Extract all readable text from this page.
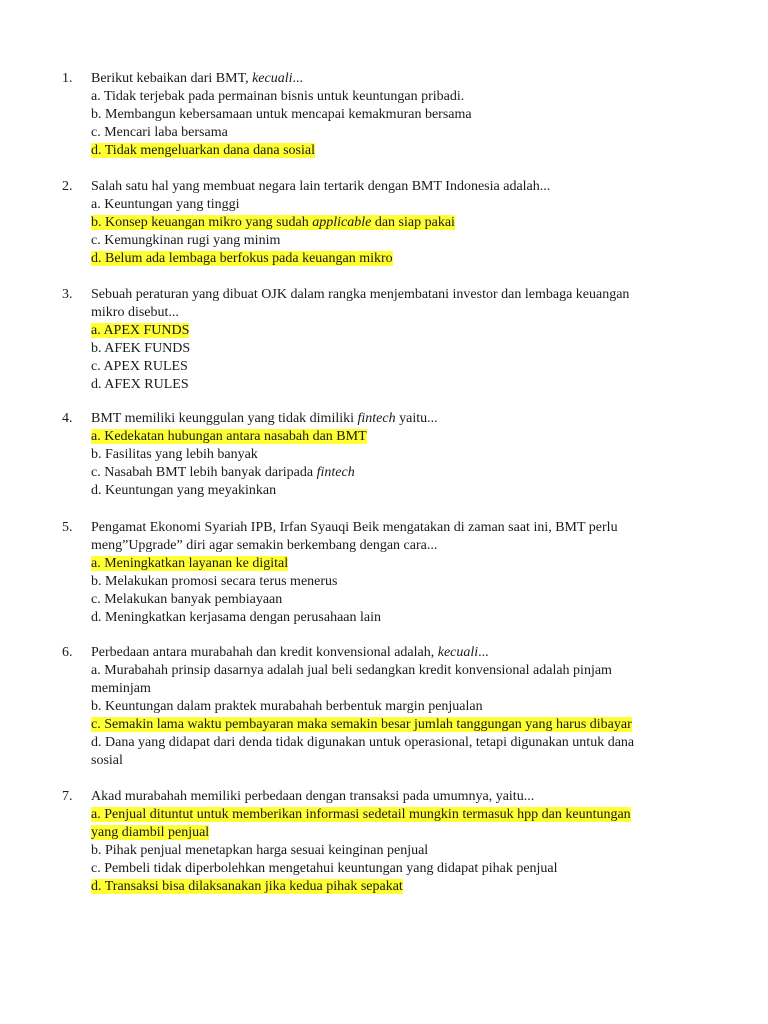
1. Berikut kebaikan dari BMT, kecuali...
a. Tidak terjebak pada permainan bisnis untuk keuntungan pribadi.
b. Membangun kebersamaan untuk mencapai kemakmuran bersama
c. Mencari laba bersama
d. Tidak mengeluarkan dana dana sosial
2. Salah satu hal yang membuat negara lain tertarik dengan BMT Indonesia adalah...
a. Keuntungan yang tinggi
b. Konsep keuangan mikro yang sudah applicable dan siap pakai
c. Kemungkinan rugi yang minim
d. Belum ada lembaga berfokus pada keuangan mikro
3. Sebuah peraturan yang dibuat OJK dalam rangka menjembatani investor dan lembaga keuangan
mikro disebut...
a. APEX FUNDS
b. AFEK FUNDS
c. APEX RULES
d. AFEX RULES
4. BMT memiliki keunggulan yang tidak dimiliki fintech yaitu...
a. Kedekatan hubungan antara nasabah dan BMT
b. Fasilitas yang lebih banyak
c. Nasabah BMT lebih banyak daripada fintech
d. Keuntungan yang meyakinkan
5. Pengamat Ekonomi Syariah IPB, Irfan Syauqi Beik mengatakan di zaman saat ini, BMT perlu
meng”Upgrade” diri agar semakin berkembang dengan cara...
a. Meningkatkan layanan ke digital
b. Melakukan promosi secara terus menerus
c. Melakukan banyak pembiayaan
d. Meningkatkan kerjasama dengan perusahaan lain
6. Perbedaan antara murabahah dan kredit konvensional adalah, kecuali...
a. Murabahah prinsip dasarnya adalah jual beli sedangkan kredit konvensional adalah pinjam
meminjam
b. Keuntungan dalam praktek murabahah berbentuk margin penjualan
c. Semakin lama waktu pembayaran maka semakin besar jumlah tanggungan yang harus dibayar
d. Dana yang didapat dari denda tidak digunakan untuk operasional, tetapi digunakan untuk dana
sosial
7. Akad murabahah memiliki perbedaan dengan transaksi pada umumnya, yaitu...
a. Penjual dituntut untuk memberikan informasi sedetail mungkin termasuk hpp dan keuntungan
yang diambil penjual
b. Pihak penjual menetapkan harga sesuai keinginan penjual
c. Pembeli tidak diperbolehkan mengetahui keuntungan yang didapat pihak penjual
d. Transaksi bisa dilaksanakan jika kedua pihak sepakat
